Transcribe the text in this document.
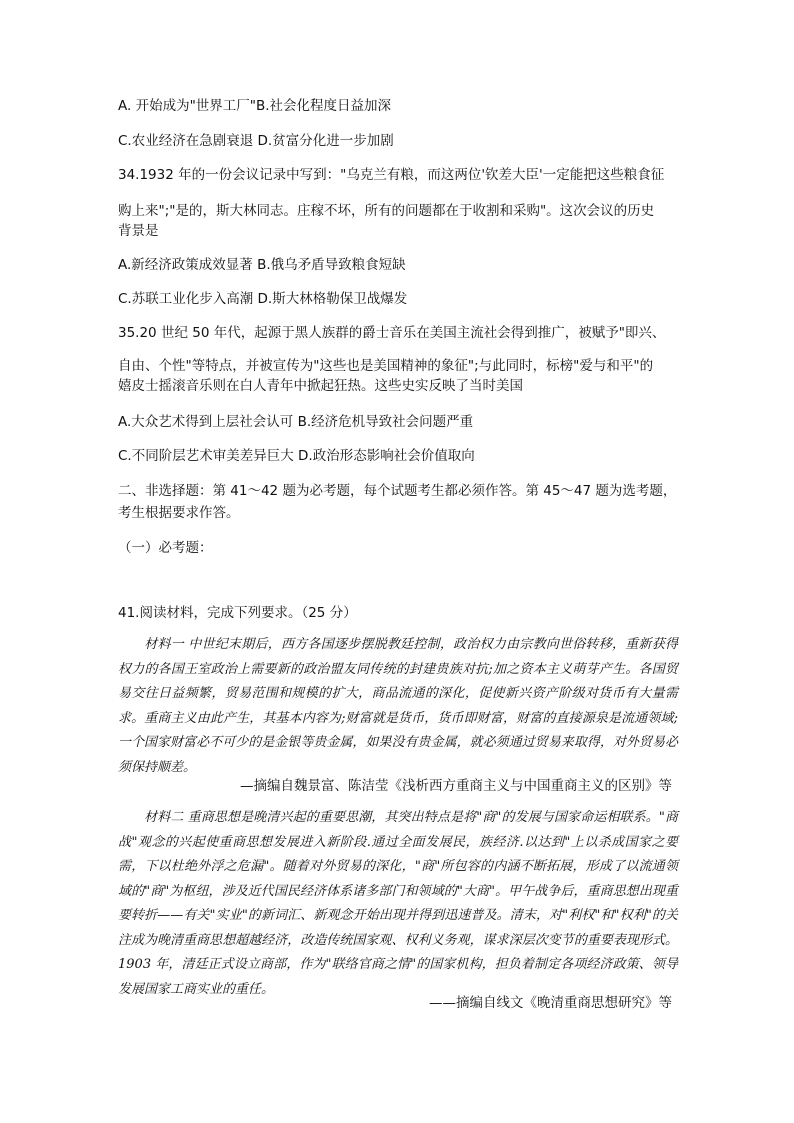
A. 开始成为"世界工厂"B.社会化程度日益加深
C.农业经济在急剧衰退 D.贫富分化进一步加剧
34.1932 年的一份会议记录中写到："乌克兰有粮，而这两位'钦差大臣'一定能把这些粮食征
购上来";"是的，斯大林同志。庄稼不坏，所有的问题都在于收割和采购"。这次会议的历史
背景是
A.新经济政策成效显著 B.俄乌矛盾导致粮食短缺
C.苏联工业化步入高潮 D.斯大林格勒保卫战爆发
35.20 世纪 50 年代，起源于黑人族群的爵士音乐在美国主流社会得到推广，被赋予"即兴、
自由、个性"等特点，并被宣传为"这些也是美国精神的象征";与此同时，标榜"爱与和平"的
嬉皮士摇滚音乐则在白人青年中掀起狂热。这些史实反映了当时美国
A.大众艺术得到上层社会认可 B.经济危机导致社会问题严重
C.不同阶层艺术审美差异巨大 D.政治形态影响社会价值取向
二、非选择题：第 41～42 题为必考题，每个试题考生都必须作答。第 45～47 题为选考题，
考生根据要求作答。
（一）必考题：
41.阅读材料，完成下列要求。（25 分）
材料一 中世纪末期后，西方各国逐步摆脱教廷控制，政治权力由宗教向世俗转移，重新获得权力的各国王室政治上需要新的政治盟友同传统的封建贵族对抗;加之资本主义萌芽产生。各国贸易交往日益频繁，贸易范围和规模的扩大，商品流通的深化，促使新兴资产阶级对货币有大量需求。重商主义由此产生，其基本内容为;财富就是货币，货币即财富，财富的直接源泉是流通领域;一个国家财富必不可少的是金银等贵金属，如果没有贵金属，就必须通过贸易来取得，对外贸易必须保持顺差。
—摘编自魏景富、陈洁莹《浅析西方重商主义与中国重商主义的区别》等
材料二 重商思想是晚清兴起的重要思潮，其突出特点是将"商"的发展与国家命运相联系。"商战"观念的兴起使重商思想发展进入新阶段.通过全面发展民，族经济.以达到"上以杀成国家之要需，下以杜绝外浮之危漏"。随着对外贸易的深化，"商"所包容的内涵不断拓展，形成了以流通领域的"商"为枢纽，涉及近代国民经济体系诸多部门和领域的"大商"。甲午战争后，重商思想出现重要转折——有关"实业"的新词汇、新观念开始出现并得到迅速普及。清末，对"利权"和"权利"的关注成为晚清重商思想超越经济，改造传统国家观、权利义务观，谋求深层次变节的重要表现形式。1903 年，清廷正式设立商部，作为"联络官商之情"的国家机构，担负着制定各项经济政策、领导发展国家工商实业的重任。
——摘编自线文《晚清重商思想研究》等
